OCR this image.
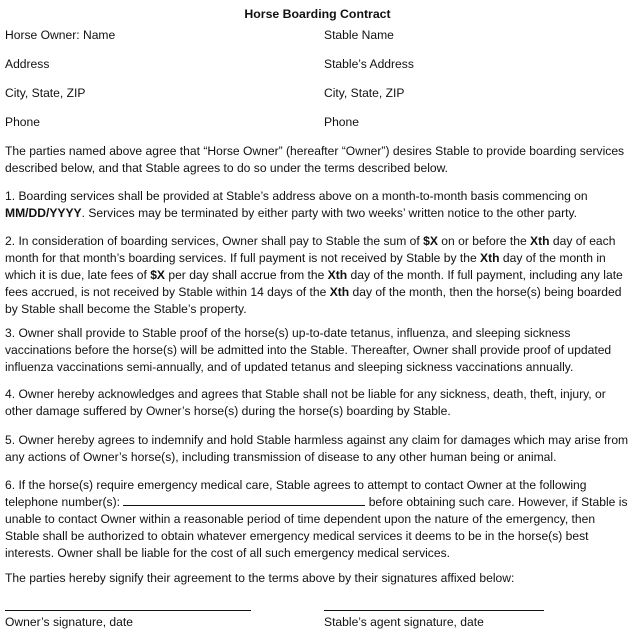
Horse Boarding Contract
Horse Owner: Name	Stable Name
Address	Stable’s Address
City, State, ZIP	City, State, ZIP
Phone	Phone
The parties named above agree that “Horse Owner” (hereafter “Owner”) desires Stable to provide boarding services described below, and that Stable agrees to do so under the terms described below.
1. Boarding services shall be provided at Stable’s address above on a month-to-month basis commencing on MM/DD/YYYY. Services may be terminated by either party with two weeks’ written notice to the other party.
2. In consideration of boarding services, Owner shall pay to Stable the sum of $X on or before the Xth day of each month for that month’s boarding services. If full payment is not received by Stable by the Xth day of the month in which it is due, late fees of $X per day shall accrue from the Xth day of the month. If full payment, including any late fees accrued, is not received by Stable within 14 days of the Xth day of the month, then the horse(s) being boarded by Stable shall become the Stable’s property.
3. Owner shall provide to Stable proof of the horse(s) up-to-date tetanus, influenza, and sleeping sickness vaccinations before the horse(s) will be admitted into the Stable. Thereafter, Owner shall provide proof of updated influenza vaccinations semi-annually, and of updated tetanus and sleeping sickness vaccinations annually.
4. Owner hereby acknowledges and agrees that Stable shall not be liable for any sickness, death, theft, injury, or other damage suffered by Owner’s horse(s) during the horse(s) boarding by Stable.
5. Owner hereby agrees to indemnify and hold Stable harmless against any claim for damages which may arise from any actions of Owner’s horse(s), including transmission of disease to any other human being or animal.
6. If the horse(s) require emergency medical care, Stable agrees to attempt to contact Owner at the following telephone number(s):	before obtaining such care. However, if Stable is unable to contact Owner within a reasonable period of time dependent upon the nature of the emergency, then Stable shall be authorized to obtain whatever emergency medical services it deems to be in the horse(s) best interests. Owner shall be liable for the cost of all such emergency medical services.
The parties hereby signify their agreement to the terms above by their signatures affixed below:
Owner’s signature, date	Stable’s agent signature, date
